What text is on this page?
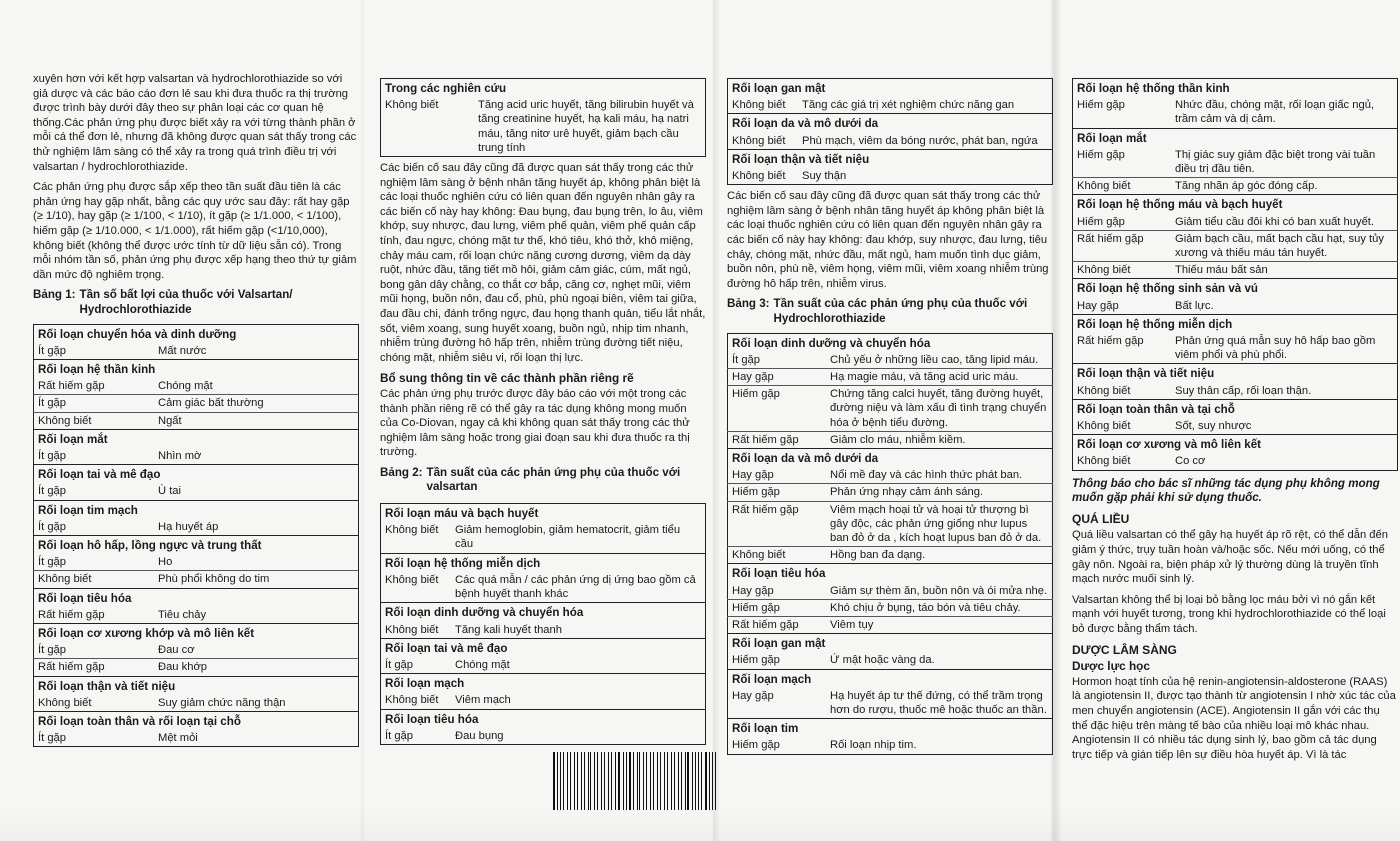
xuyên hơn với kết hợp valsartan và hydrochlorothiazide so với giả dược và các báo cáo đơn lẻ sau khi đưa thuốc ra thị trường được trình bày dưới đây theo sự phân loại các cơ quan hệ thống.Các phản ứng phụ được biết xảy ra với từng thành phần ở mỗi cá thể đơn lẻ, nhưng đã không được quan sát thấy trong các thử nghiệm lâm sàng có thể xảy ra trong quá trình điều trị với valsartan / hydrochlorothiazide.

Các phản ứng phụ được sắp xếp theo tần suất đầu tiên là các phản ứng hay gặp nhất, bằng các quy ước sau đây: rất hay gặp (≥ 1/10), hay gặp (≥ 1/100, < 1/10), ít gặp (≥ 1/1.000, < 1/100), hiếm gặp (≥ 1/10.000, < 1/1.000), rất hiếm gặp (<1/10,000), không biết (không thể được ước tính từ dữ liệu sẵn có). Trong mỗi nhóm tần số, phản ứng phụ được xếp hạng theo thứ tự giảm dần mức độ nghiêm trọng.

Bảng 1: Tần số bất lợi của thuốc với Valsartan/ Hydrochlorothiazide
Rối loạn chuyển hóa và dinh dưỡng	
Ít gặp	Mất nước
Rối loạn hệ thần kinh	
Rất hiếm gặp	Chóng mặt
Ít gặp	Cảm giác bất thường
Không biết	Ngất
Rối loạn mắt	
Ít gặp	Nhìn mờ
Rối loạn tai và mê đạo	
Ít gặp	Ù tai
Rối loạn tim mạch	
Ít gặp	Hạ huyết áp
Rối loạn hô hấp, lồng ngực và trung thất	
Ít gặp	Ho
Không biết	Phù phổi không do tim
Rối loạn tiêu hóa	
Rất hiếm gặp	Tiêu chảy
Rối loạn cơ xương khớp và mô liên kết	
Ít gặp	Đau cơ
Rất hiếm gặp	Đau khớp
Rối loạn thận và tiết niệu	
Không biết	Suy giảm chức năng thận
Rối loạn toàn thân và rối loạn tại chỗ	
Ít gặp	Mệt mỏi
Trong các nghiên cứu
Không biết	Tăng acid uric huyết, tăng bilirubin huyết và tăng creatinine huyết, hạ kali máu, hạ natri máu, tăng nitơ urê huyết, giảm bạch cầu trung tính

Các biến cố sau đây cũng đã được quan sát thấy trong các thử nghiệm lâm sàng ở bệnh nhân tăng huyết áp, không phân biệt là các loại thuốc nghiên cứu có liên quan đến nguyên nhân gây ra các biến cố này hay không: Đau bụng, đau bụng trên, lo âu, viêm khớp, suy nhược, đau lưng, viêm phế quản, viêm phế quản cấp tính, đau ngực, chóng mặt tư thế, khó tiêu, khó thở, khô miệng, chảy máu cam, rối loạn chức năng cương dương, viêm dạ dày ruột, nhức đầu, tăng tiết mồ hôi, giảm cảm giác, cúm, mất ngủ, bong gân dây chằng, co thắt cơ bắp, căng cơ, nghẹt mũi, viêm mũi họng, buồn nôn, đau cổ, phù, phù ngoại biên, viêm tai giữa, đau đầu chi, đánh trống ngực, đau họng thanh quản, tiểu lắt nhắt, sốt, viêm xoang, sung huyết xoang, buồn ngủ, nhịp tim nhanh, nhiễm trùng đường hô hấp trên, nhiễm trùng đường tiết niệu, chóng mặt, nhiễm siêu vi, rối loạn thị lực.

Bổ sung thông tin về các thành phần riêng rẽ

Các phản ứng phụ trước được đây báo cáo với một trong các thành phần riêng rẽ có thể gây ra tác dụng không mong muốn của Co-Diovan, ngay cả khi không quan sát thấy trong các thử nghiệm lâm sàng hoặc trong giai đoạn sau khi đưa thuốc ra thị trường.

Bảng 2: Tần suất của các phản ứng phụ của thuốc với valsartan
Rối loạn máu và bạch huyết	
Không biết	Giảm hemoglobin, giảm hematocrit, giảm tiểu cầu
Rối loạn hệ thống miễn dịch	
Không biết	Các quá mẫn / các phản ứng dị ứng bao gồm cả bệnh huyết thanh khác
Rối loạn dinh dưỡng và chuyển hóa	
Không biết	Tăng kali huyết thanh
Rối loạn tai và mê đạo	
Ít gặp	Chóng mặt
Rối loạn mạch	
Không biết	Viêm mạch
Rối loạn tiêu hóa	
Ít gặp	Đau bụng
Rối loạn gan mật	
Không biết	Tăng các giá trị xét nghiệm chức năng gan
Rối loạn da và mô dưới da	
Không biết	Phù mạch, viêm da bóng nước, phát ban, ngứa
Rối loạn thận và tiết niệu	
Không biết	Suy thận

Các biến cố sau đây cũng đã được quan sát thấy trong các thử nghiệm lâm sàng ở bệnh nhân tăng huyết áp không phân biệt là các loại thuốc nghiên cứu có liên quan đến nguyên nhân gây ra các biến cố này hay không: đau khớp, suy nhược, đau lưng, tiêu chảy, chóng mặt, nhức đầu, mất ngủ, ham muốn tình dục giảm, buồn nôn, phù nề, viêm họng, viêm mũi, viêm xoang nhiễm trùng đường hô hấp trên, nhiễm virus.

Bảng 3: Tần suất của các phản ứng phụ của thuốc với Hydrochlorothiazide
Rối loạn dinh dưỡng và chuyển hóa	
Ít gặp	Chủ yếu ở những liều cao, tăng lipid máu.
Hay gặp	Hạ magie máu, và tăng acid uric máu.
Hiếm gặp	Chứng tăng calci huyết, tăng đường huyết, đường niệu và làm xấu đi tình trạng chuyển hóa ở bệnh tiểu đường.
Rất hiếm gặp	Giảm clo máu, nhiễm kiềm.
Rối loạn da và mô dưới da	
Hay gặp	Nổi mề đay và các hình thức phát ban.
Hiếm gặp	Phản ứng nhạy cảm ánh sáng.
Rất hiếm gặp	Viêm mạch hoại tử và hoại tử thượng bì gây độc, các phản ứng giống như lupus ban đỏ ở da , kích hoạt lupus ban đỏ ở da.
Không biết	Hồng ban đa dạng.
Rối loạn tiêu hóa	
Hay gặp	Giảm sự thèm ăn, buồn nôn và ói mửa nhẹ.
Hiếm gặp	Khó chịu ở bụng, táo bón và tiêu chảy.
Rất hiếm gặp	Viêm tụy
Rối loạn gan mật	
Hiếm gặp	Ứ mật hoặc vàng da.
Rối loạn mạch	
Hay gặp	Hạ huyết áp tư thế đứng, có thể trầm trọng hơn do rượu, thuốc mê hoặc thuốc an thần.
Rối loạn tim	
Hiếm gặp	Rối loạn nhịp tim.
Rối loạn hệ thống thần kinh	
Hiếm gặp	Nhức đầu, chóng mặt, rối loạn giấc ngủ, trầm cảm và dị cảm.
Rối loạn mắt	
Hiếm gặp	Thị giác suy giảm đặc biệt trong vài tuần điều trị đầu tiên.
Không biết	Tăng nhãn áp góc đóng cấp.
Rối loạn hệ thống máu và bạch huyết	
Hiếm gặp	Giảm tiểu cầu đôi khi có ban xuất huyết.
Rất hiếm gặp	Giảm bạch cầu, mất bạch cầu hạt, suy tủy xương và thiếu máu tán huyết.
Không biết	Thiếu máu bất sản
Rối loạn hệ thống sinh sản và vú	
Hay gặp	Bất lực.
Rối loạn hệ thống miễn dịch	
Rất hiếm gặp	Phản ứng quá mẫn suy hô hấp bao gồm viêm phổi và phù phổi.
Rối loạn thận và tiết niệu	
Không biết	Suy thân cấp, rối loạn thận.
Rối loạn toàn thân và tại chỗ	
Không biết	Sốt, suy nhược
Rối loạn cơ xương và mô liên kết	
Không biết	Co cơ
Thông báo cho bác sĩ những tác dụng phụ không mong muốn gặp phải khi sử dụng thuốc.
QUÁ LIỀU

Quá liều valsartan có thể gây hạ huyết áp rõ rệt, có thể dẫn đến giảm ý thức, trụy tuần hoàn và/hoặc sốc. Nếu mới uống, có thể gây nôn. Ngoài ra, biện pháp xử lý thường dùng là truyền tĩnh mạch nước muối sinh lý.

Valsartan không thể bị loại bỏ bằng lọc máu bởi vì nó gắn kết mạnh với huyết tương, trong khi hydrochlorothiazide có thể loại bỏ được bằng thẩm tách.

DƯỢC LÂM SÀNG
Dược lực học

Hormon hoạt tính của hệ renin-angiotensin-aldosterone (RAAS) là angiotensin II, được tạo thành từ angiotensin I nhờ xúc tác của men chuyển angiotensin (ACE). Angiotensin II gắn với các thụ thể đặc hiệu trên màng tế bào của nhiều loại mô khác nhau. Angiotensin II có nhiều tác dụng sinh lý, bao gồm cả tác dụng trực tiếp và gián tiếp lên sự điều hòa huyết áp. Vì là tác
